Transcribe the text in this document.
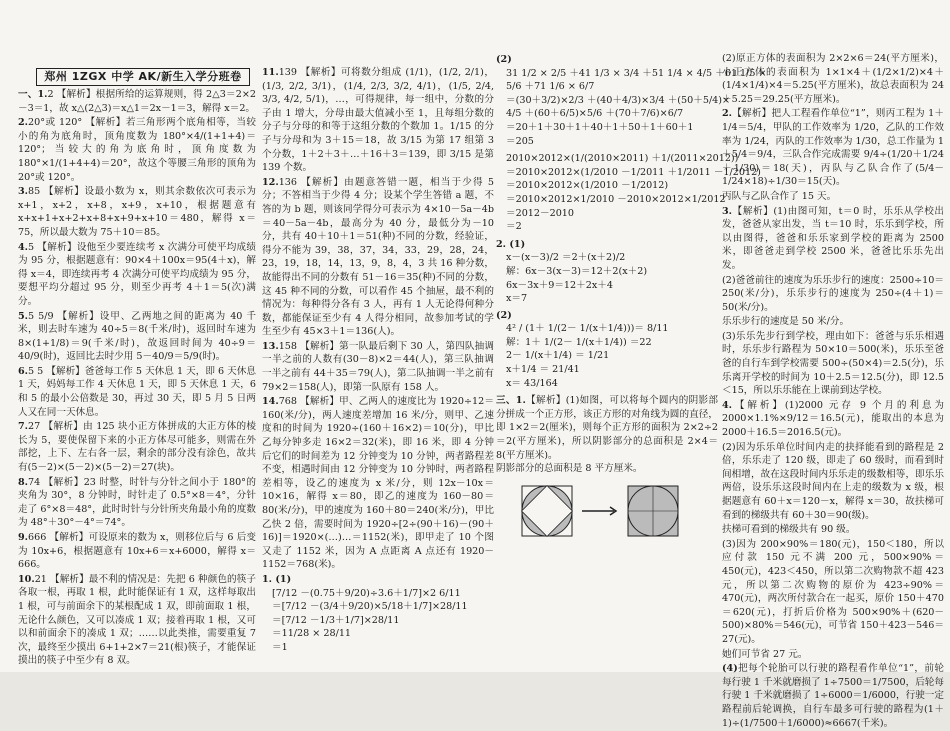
郑州 1ZGX 中学 AK/新生入学分班卷

一、1.2 【解析】根据所给的运算规则，得 2△3＝2×2－3＝1，故 x△(2△3)＝x△1＝2x－1＝3，解得 x＝2。

2.20°或 120° 【解析】若三角形两个底角相等，当较小的角为底角时，顶角度数为 180°×4/(1+1+4)＝120°；当较大的角为底角时，顶角度数为 180°×1/(1+4+4)＝20°，故这个等腰三角形的顶角为 20°或 120°。

3.85 【解析】设最小数为 x，则其余数依次可表示为 x+1，x+2，x+8，x+9，x+10，根据题意有 x+x+1+x+2+x+8+x+9+x+10＝480，解得 x＝75，所以最大数为 75＋10＝85。

4.5 【解析】设他至少要连续考 x 次满分可使平均成绩为 95 分，根据题意有：90×4＋100x＝95(4＋x)，解得 x＝4，即连续再考 4 次满分可使平均成绩为 95 分，要想平均分超过 95 分，则至少再考 4＋1＝5(次)满分。

5.5 5/9 【解析】设甲、乙两地之间的距离为 40 千米，则去时车速为 40÷5＝8(千米/时)，返回时车速为 8×(1+1/8)＝9(千米/时)，故返回时间为 40÷9＝40/9(时)，返回比去时少用 5－40/9＝5/9(时)。

6.5 5 【解析】爸爸每工作 5 天休息 1 天，即 6 天休息 1 天，妈妈每工作 4 天休息 1 天，即 5 天休息 1 天，6 和 5 的最小公倍数是 30，再过 30 天，即 5 月 5 日两人又在同一天休息。

7.27 【解析】由 125 块小正方体拼成的大正方体的棱长为 5，要使保留下来的小正方体尽可能多，则需在外部挖，上下、左右各一层，剩余的部分没有涂色，故共有(5－2)×(5－2)×(5－2)＝27(块)。

8.74 【解析】23 时整，时针与分针之间小于 180°的夹角为 30°，8 分钟时，时针走了 0.5°×8＝4°，分针走了 6°×8＝48°，此时时针与分针所夹角最小角的度数为 48°＋30°－4°＝74°。

9.666 【解析】可设原来的数为 x，则移位后与 6 后变为 10x+6，根据题意有 10x+6＝x+6000，解得 x＝666。

10.21 【解析】最不利的情况是：先把 6 种颜色的筷子各取一根，再取 1 根，此时能保证有 1 双，这样每取出 1 根，可与前面余下的某根配成 1 双，即前面取 1 根，无论什么颜色，又可以凑成 1 双；接着再取 1 根，又可以和前面余下的凑成 1 双；……以此类推，需要重复 7 次，最终至少摸出 6+1+2×7＝21(根)筷子，才能保证摸出的筷子中至少有 8 双。

11.139 【解析】可将数分组成 (1/1)，(1/2, 2/1)，(1/3, 2/2, 3/1)，(1/4, 2/3, 3/2, 4/1)，(1/5, 2/4, 3/3, 4/2, 5/1)，…，可得规律，每一组中，分数的分子由 1 增大，分母由最大值减小至 1，且每组分数的分子与分母的和等于这组分数的个数加 1。1/15 的分子与分母和为 3＋15＝18，故 3/15 为第 17 组第 3 个分数，1＋2＋3＋…＋16＋3＝139，即 3/15 是第 139 个数。

12.136 【解析】由题意答错一题，相当于少得 5 分；不答相当于少得 4 分；设某个学生答错 a 题，不答的为 b 题，则该同学得分可表示为 4×10－5a－4b＝40－5a－4b，最高分为 40 分，最低分为－10 分，共有 40＋10＋1＝51(种)不同的分数，经验证，得分不能为 39，38，37，34，33，29，28，24，23，19，18，14，13，9，8，4，3 共 16 种分数，故能得出不同的分数有 51－16＝35(种)不同的分数，这 45 种不同的分数，可以看作 45 个抽屉，最不利的情况为：每种得分各有 3 人，再有 1 人无论得何种分数，都能保证至少有 4 人得分相同，故参加考试的学生至少有 45×3＋1＝136(人)。

13.158 【解析】第一队最后剩下 30 人，第四队抽调一半之前的人数有(30－8)×2＝44(人)，第三队抽调一半之前有 44＋35＝79(人)，第二队抽调一半之前有 79×2＝158(人)，即第一队原有 158 人。

14.768 【解析】甲、乙两人的速度比为 1920÷12＝160(米/分)，两人速度差增加 16 米/分，则甲、乙速度和的时间为 1920÷(160＋16×2)＝10(分)，甲比乙每分钟多走 16×2＝32(米)，即 16 米，即 4 分钟后它们的时间差为 12 分钟变为 10 分钟，两者路程差不变，相遇时间由 12 分钟变为 10 分钟时，两者路程差相等，设乙的速度为 x 米/分，则 12x－10x＝10×16，解得 x＝80，即乙的速度为 160－80＝80(米/分)，甲的速度为 160＋80＝240(米/分)，甲比乙快 2 倍，需要时间为 1920÷[2÷(90＋16)－(90＋16)]＝1920×(…)…＝1152(米)，即甲走了 10 个图又走了 1152 米，因为 A 点距离 A 点还有 1920－1152＝768(米)。

1. (1)

[7/12 －(0.75＋9/20)÷3.6＋1/7]×2 6/11

＝[7/12 －(3/4＋9/20)×5/18＋1/7]×28/11

＝[7/12 －1/3＋1/7]×28/11

＝11/28 × 28/11

＝1

(2)

31 1/2 × 2/5 ＋41 1/3 × 3/4 ＋51 1/4 × 4/5 ＋61 1/5 ×

5/6 ＋71 1/6 × 6/7

＝(30＋3/2)×2/3 ＋(40＋4/3)×3/4 ＋(50＋5/4)×

4/5 ＋(60＋6/5)×5/6 ＋(70＋7/6)×6/7

＝20＋1＋30＋1＋40＋1＋50＋1＋60＋1

＝205

2010×2012×(1/(2010×2011) ＋1/(2011×2012))

＝2010×2012×(1/2010 －1/2011 ＋1/2011 －1/2012)

＝2010×2012×(1/2010 －1/2012)

＝2010×2012×1/2010 －2010×2012×1/2012

＝2012－2010

＝2

2. (1)

x－(x－3)/2 ＝2＋(x＋2)/2

解：6x－3(x－3)＝12＋2(x＋2)

6x－3x＋9＝12＋2x＋4

x＝7

(2)

4² / (1＋ 1/(2－ 1/(x＋1/4)))＝ 8/11

解：1＋ 1/(2－ 1/(x＋1/4)) ＝22

2－ 1/(x＋1/4) ＝ 1/21

x＋1/4 ＝ 21/41

x＝ 43/164

三、1.【解析】(1)如图，可以将每个圆内的阴影部分拼成一个正方形，该正方形的对角线为圆的直径，即 1×2＝2(厘米)，则每个正方形的面积为 2×2÷2＝2(平方厘米)，所以阴影部分的总面积是 2×4＝8(平方厘米)。

阴影部分的总面积是 8 平方厘米。

(2)原正方体的表面积为 2×2×6＝24(平方厘米)，小正方体的表面积为 1×1×4＋(1/2×1/2)×4＋(1/4×1/4)×4＝5.25(平方厘米)，故总表面积为 24＋5.25＝29.25(平方厘米)。

2.【解析】把人工程看作单位“1”，则丙工程为 1＋1/4＝5/4，甲队的工作效率为 1/20，乙队的工作效率为 1/24，丙队的工作效率为 1/30，总工作量为 1＋5/4＝9/4，三队合作完成需要 9/4÷(1/20＋1/24＋1/30)＝18(天)，丙队与乙队合作了(5/4－1/24×18)÷1/30＝15(天)。

丙队与乙队合作了 15 天。

3.【解析】(1)由图可知，t＝0 时，乐乐从学校出发，爸爸从家出发，当 t＝10 时，乐乐到学校，所以由图得，爸爸和乐乐家到学校的距离为 2500 米，即爸爸走到学校 2500 米，爸爸比乐乐先出发。

(2)爸爸前往的速度为乐乐步行的速度：2500÷10＝250(米/分)，乐乐步行的速度为 250÷(4＋1)＝50(米/分)。

乐乐步行的速度是 50 米/分。

(3)乐乐先步行到学校，理由如下：爸爸与乐乐相遇时，乐乐步行路程为 50×10＝500(米)，乐乐至爸爸的自行车到学校需要 500÷(50×4)＝2.5(分)，乐乐离开学校的时间为 10＋2.5＝12.5(分)，即 12.5＜15，所以乐乐能在上课前到达学校。

4.【解析】(1)2000 元存 9 个月的利息为 2000×1.1%×9/12＝16.5(元)，能取出的本息为 2000＋16.5＝2016.5(元)。

(2)因为乐乐单位时间内走的抉择能看到的路程是 2 倍，乐乐走了 120 级，即走了 60 级时，而看到时间相增，故在这段时间内乐乐走的级数相等，即乐乐两倍，设乐乐这段时间内在上走的级数为 x 级，根据题意有 60＋x＝120－x，解得 x＝30，故扶梯可看到的梯级共有 60＋30＝90(级)。

扶梯可看到的梯级共有 90 级。

(3)因为 200×90%＝180(元)，150＜180，所以应付款 150 元不满 200 元，500×90%＝450(元)，423＜450，所以第二次购物款不超 423 元，所以第二次购物的原价为 423÷90%＝470(元)，两次所付款合在一起买，原价 150＋470＝620(元)，打折后价格为 500×90%＋(620－500)×80%＝546(元)，可节省 150＋423－546＝27(元)。

她们可节省 27 元。

(4)把每个轮胎可以行驶的路程看作单位“1”，前轮每行驶 1 千米就磨损了 1÷7500＝1/7500，后轮每行驶 1 千米就磨损了 1÷6000＝1/6000，行驶一定路程前后轮调换，自行车最多可行驶的路程为(1＋1)÷(1/7500＋1/6000)≈6667(千米)。
